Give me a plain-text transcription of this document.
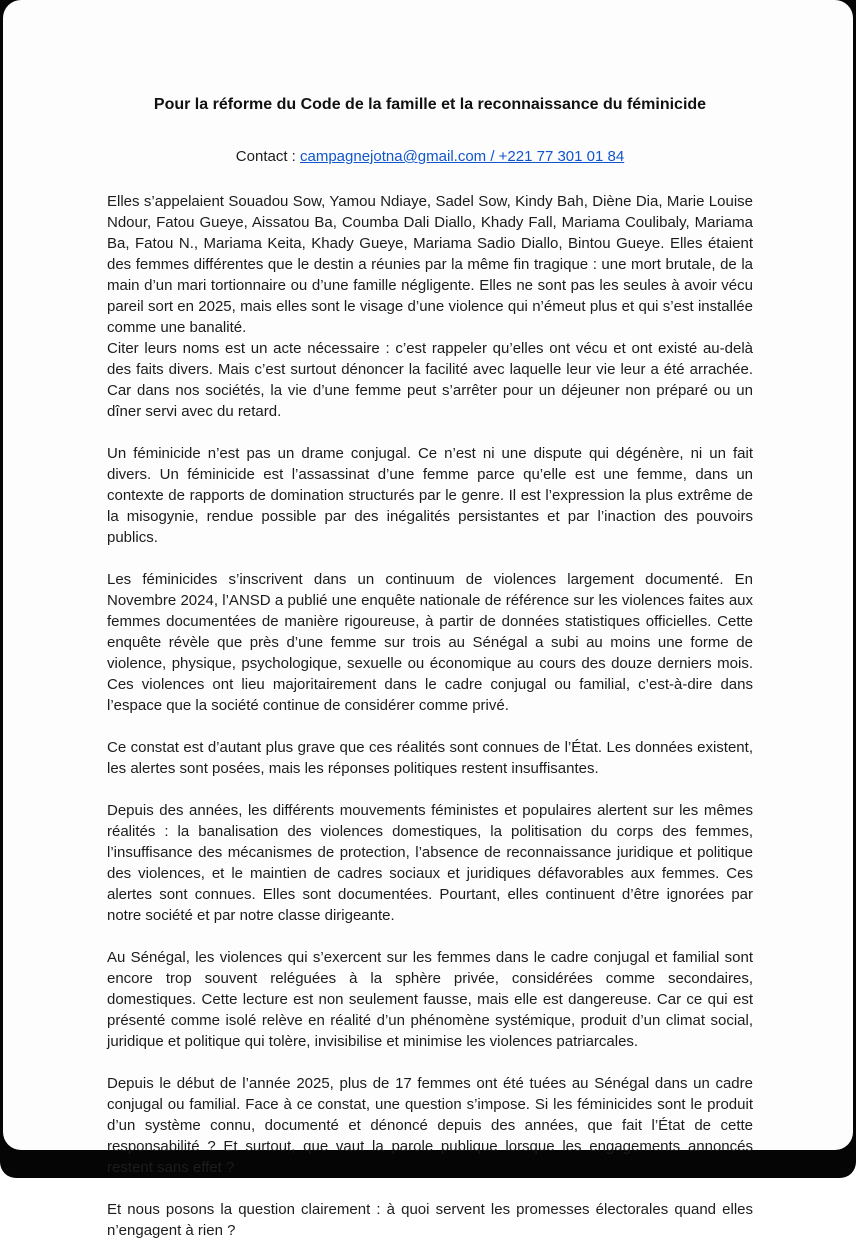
Pour la réforme du Code de la famille et la reconnaissance du féminicide

Contact : campagnejotna@gmail.com / +221 77 301 01 84

Elles s’appelaient Souadou Sow, Yamou Ndiaye, Sadel Sow, Kindy Bah, Diène Dia, Marie Louise Ndour, Fatou Gueye, Aissatou Ba, Coumba Dali Diallo, Khady Fall, Mariama Coulibaly, Mariama Ba, Fatou N., Mariama Keita, Khady Gueye, Mariama Sadio Diallo, Bintou Gueye. Elles étaient des femmes différentes que le destin a réunies par la même fin tragique : une mort brutale, de la main d’un mari tortionnaire ou d’une famille négligente. Elles ne sont pas les seules à avoir vécu pareil sort en 2025, mais elles sont le visage d’une violence qui n’émeut plus et qui s’est installée comme une banalité.

Citer leurs noms est un acte nécessaire : c’est rappeler qu’elles ont vécu et ont existé au-delà des faits divers. Mais c’est surtout dénoncer la facilité avec laquelle leur vie leur a été arrachée. Car dans nos sociétés, la vie d’une femme peut s’arrêter pour un déjeuner non préparé ou un dîner servi avec du retard.

Un féminicide n’est pas un drame conjugal. Ce n’est ni une dispute qui dégénère, ni un fait divers. Un féminicide est l’assassinat d’une femme parce qu’elle est une femme, dans un contexte de rapports de domination structurés par le genre. Il est l’expression la plus extrême de la misogynie, rendue possible par des inégalités persistantes et par l’inaction des pouvoirs publics.

Les féminicides s’inscrivent dans un continuum de violences largement documenté. En Novembre 2024, l’ANSD a publié une enquête nationale de référence sur les violences faites aux femmes documentées de manière rigoureuse, à partir de données statistiques officielles. Cette enquête révèle que près d’une femme sur trois au Sénégal a subi au moins une forme de violence, physique, psychologique, sexuelle ou économique au cours des douze derniers mois. Ces violences ont lieu majoritairement dans le cadre conjugal ou familial, c’est-à-dire dans l’espace que la société continue de considérer comme privé.

Ce constat est d’autant plus grave que ces réalités sont connues de l’État. Les données existent, les alertes sont posées, mais les réponses politiques restent insuffisantes.

Depuis des années, les différents mouvements féministes et populaires alertent sur les mêmes réalités : la banalisation des violences domestiques, la politisation du corps des femmes, l’insuffisance des mécanismes de protection, l’absence de reconnaissance juridique et politique des violences, et le maintien de cadres sociaux et juridiques défavorables aux femmes. Ces alertes sont connues. Elles sont documentées. Pourtant, elles continuent d’être ignorées par notre société et par notre classe dirigeante.

Au Sénégal, les violences qui s’exercent sur les femmes dans le cadre conjugal et familial sont encore trop souvent reléguées à la sphère privée, considérées comme secondaires, domestiques. Cette lecture est non seulement fausse, mais elle est dangereuse. Car ce qui est présenté comme isolé relève en réalité d’un phénomène systémique, produit d’un climat social, juridique et politique qui tolère, invisibilise et minimise les violences patriarcales.

Depuis le début de l’année 2025, plus de 17 femmes ont été tuées au Sénégal dans un cadre conjugal ou familial. Face à ce constat, une question s’impose. Si les féminicides sont le produit d’un système connu, documenté et dénoncé depuis des années, que fait l’État de cette responsabilité ? Et surtout, que vaut la parole publique lorsque les engagements annoncés restent sans effet ?

Et nous posons la question clairement : à quoi servent les promesses électorales quand elles n’engagent à rien ?
